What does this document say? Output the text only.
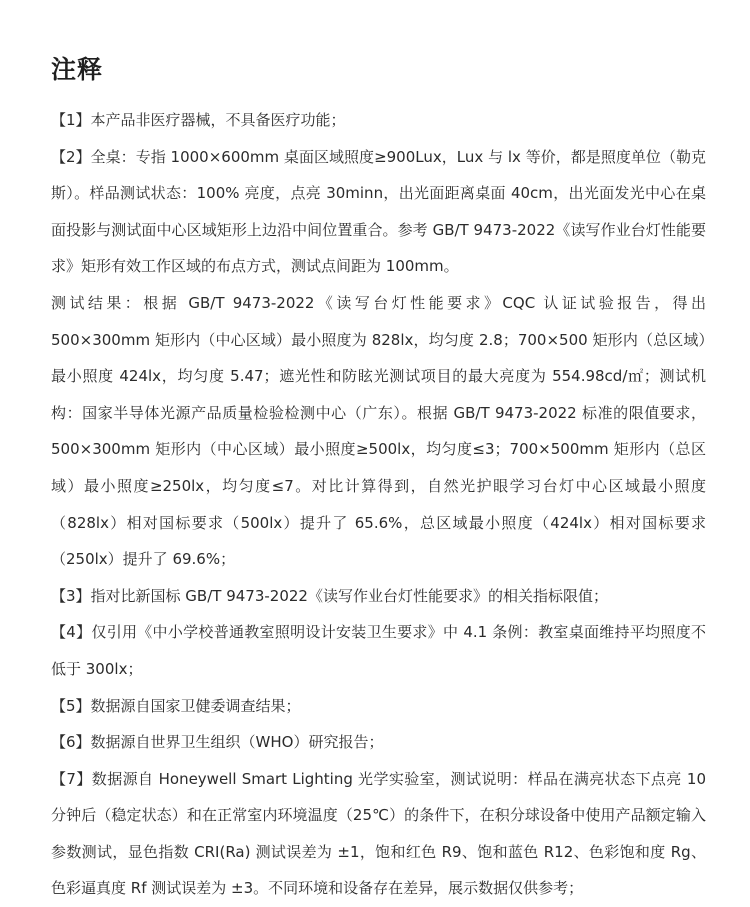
注释

【1】本产品非医疗器械，不具备医疗功能；

【2】全桌：专指 1000×600mm 桌面区域照度≥900Lux，Lux 与 lx 等价，都是照度单位（勒克斯）。样品测试状态：100% 亮度，点亮 30minn，出光面距离桌面 40cm，出光面发光中心在桌面投影与测试面中心区域矩形上边沿中间位置重合。参考 GB/T 9473-2022《读写作业台灯性能要求》矩形有效工作区域的布点方式，测试点间距为 100mm。

测试结果：根据 GB/T 9473-2022《读写台灯性能要求》CQC 认证试验报告，得出 500×300mm 矩形内（中心区域）最小照度为 828lx，均匀度 2.8；700×500 矩形内（总区域）最小照度 424lx，均匀度 5.47；遮光性和防眩光测试项目的最大亮度为 554.98cd/㎡；测试机构：国家半导体光源产品质量检验检测中心（广东）。根据 GB/T 9473-2022 标准的限值要求，500×300mm 矩形内（中心区域）最小照度≥500lx，均匀度≤3；700×500mm 矩形内（总区域）最小照度≥250lx，均匀度≤7。对比计算得到，自然光护眼学习台灯中心区域最小照度（828lx）相对国标要求（500lx）提升了 65.6%，总区域最小照度（424lx）相对国标要求（250lx）提升了 69.6%；

【3】指对比新国标 GB/T 9473-2022《读写作业台灯性能要求》的相关指标限值；

【4】仅引用《中小学校普通教室照明设计安装卫生要求》中 4.1 条例：教室桌面维持平均照度不低于 300lx；

【5】数据源自国家卫健委调查结果；

【6】数据源自世界卫生组织（WHO）研究报告；

【7】数据源自 Honeywell Smart Lighting 光学实验室，测试说明：样品在满亮状态下点亮 10 分钟后（稳定状态）和在正常室内环境温度（25℃）的条件下，在积分球设备中使用产品额定输入参数测试，显色指数 CRI(Ra) 测试误差为 ±1，饱和红色 R9、饱和蓝色 R12、色彩饱和度 Rg、色彩逼真度 Rf 测试误差为 ±3。不同环境和设备存在差异，展示数据仅供参考；
